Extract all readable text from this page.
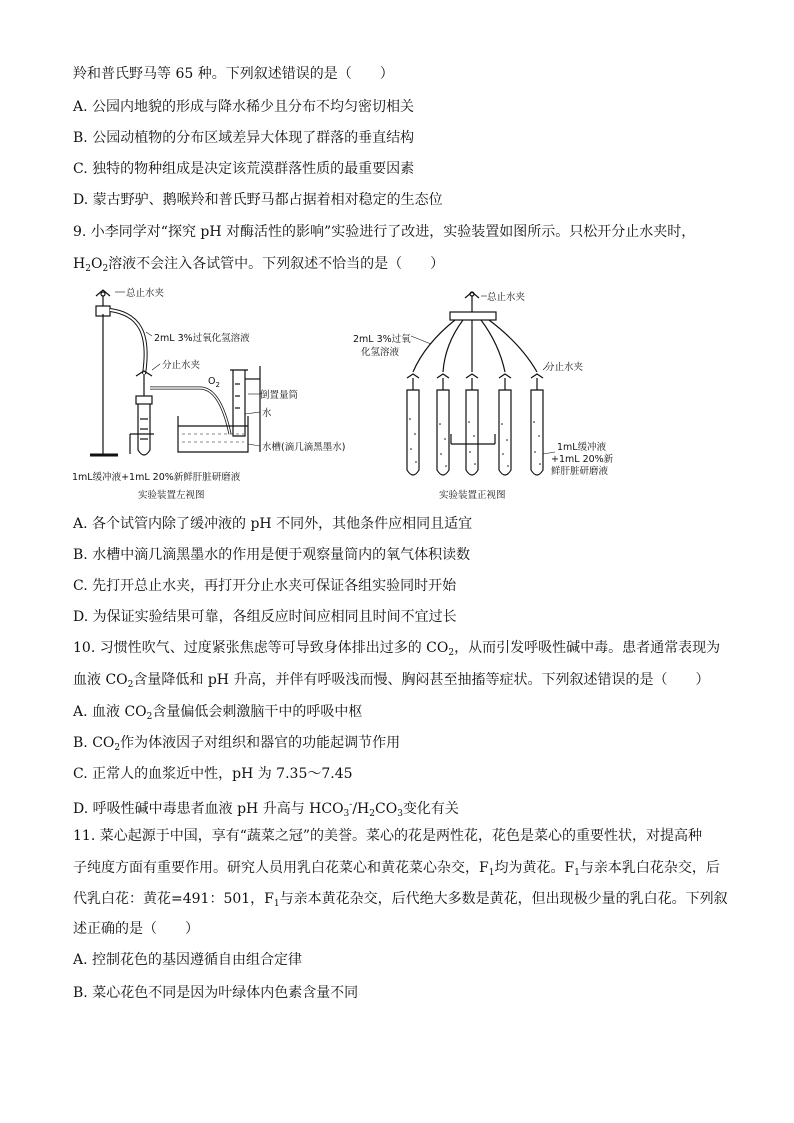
羚和普氏野马等 65 种。下列叙述错误的是（　　）
A. 公园内地貌的形成与降水稀少且分布不均匀密切相关
B. 公园动植物的分布区域差异大体现了群落的垂直结构
C. 独特的物种组成是决定该荒漠群落性质的最重要因素
D. 蒙古野驴、鹅喉羚和普氏野马都占据着相对稳定的生态位
9. 小李同学对“探究 pH 对酶活性的影响”实验进行了改进，实验装置如图所示。只松开分止水夹时，
$H_2O_2$溶液不会注入各试管中。下列叙述不恰当的是（　　）
总止水夹
2mL 3%过氧化氢溶液
分止水夹
$O_2$
倒置量筒
水
水槽(滴几滴黑墨水)
1mL缓冲液+1mL 20%新鲜肝脏研磨液
实验装置左视图
总止水夹
2mL 3%过氧
化氢溶液
分止水夹
1mL缓冲液
+1mL 20%新
鲜肝脏研磨液
实验装置正视图
A. 各个试管内除了缓冲液的 pH 不同外，其他条件应相同且适宜
B. 水槽中滴几滴黑墨水的作用是便于观察量筒内的氧气体积读数
C. 先打开总止水夹，再打开分止水夹可保证各组实验同时开始
D. 为保证实验结果可靠，各组反应时间应相同且时间不宜过长
10. 习惯性吹气、过度紧张焦虑等可导致身体排出过多的 $CO_2$，从而引发呼吸性碱中毒。患者通常表现为
血液 $CO_2$含量降低和 pH 升高，并伴有呼吸浅而慢、胸闷甚至抽搐等症状。下列叙述错误的是（　　）
A. 血液 $CO_2$含量偏低会刺激脑干中的呼吸中枢
B. $CO_2$作为体液因子对组织和器官的功能起调节作用
C. 正常人的血浆近中性，pH 为 7.35～7.45
D. 呼吸性碱中毒患者血液 pH 升高与 $HCO_3^-/H_2CO_3$变化有关
11. 菜心起源于中国，享有“蔬菜之冠”的美誉。菜心的花是两性花，花色是菜心的重要性状，对提高种
子纯度方面有重要作用。研究人员用乳白花菜心和黄花菜心杂交，$F_1$均为黄花。$F_1$与亲本乳白花杂交，后
代乳白花：黄花=491：501，$F_1$与亲本黄花杂交，后代绝大多数是黄花，但出现极少量的乳白花。下列叙
述正确的是（　　）
A. 控制花色的基因遵循自由组合定律
B. 菜心花色不同是因为叶绿体内色素含量不同
